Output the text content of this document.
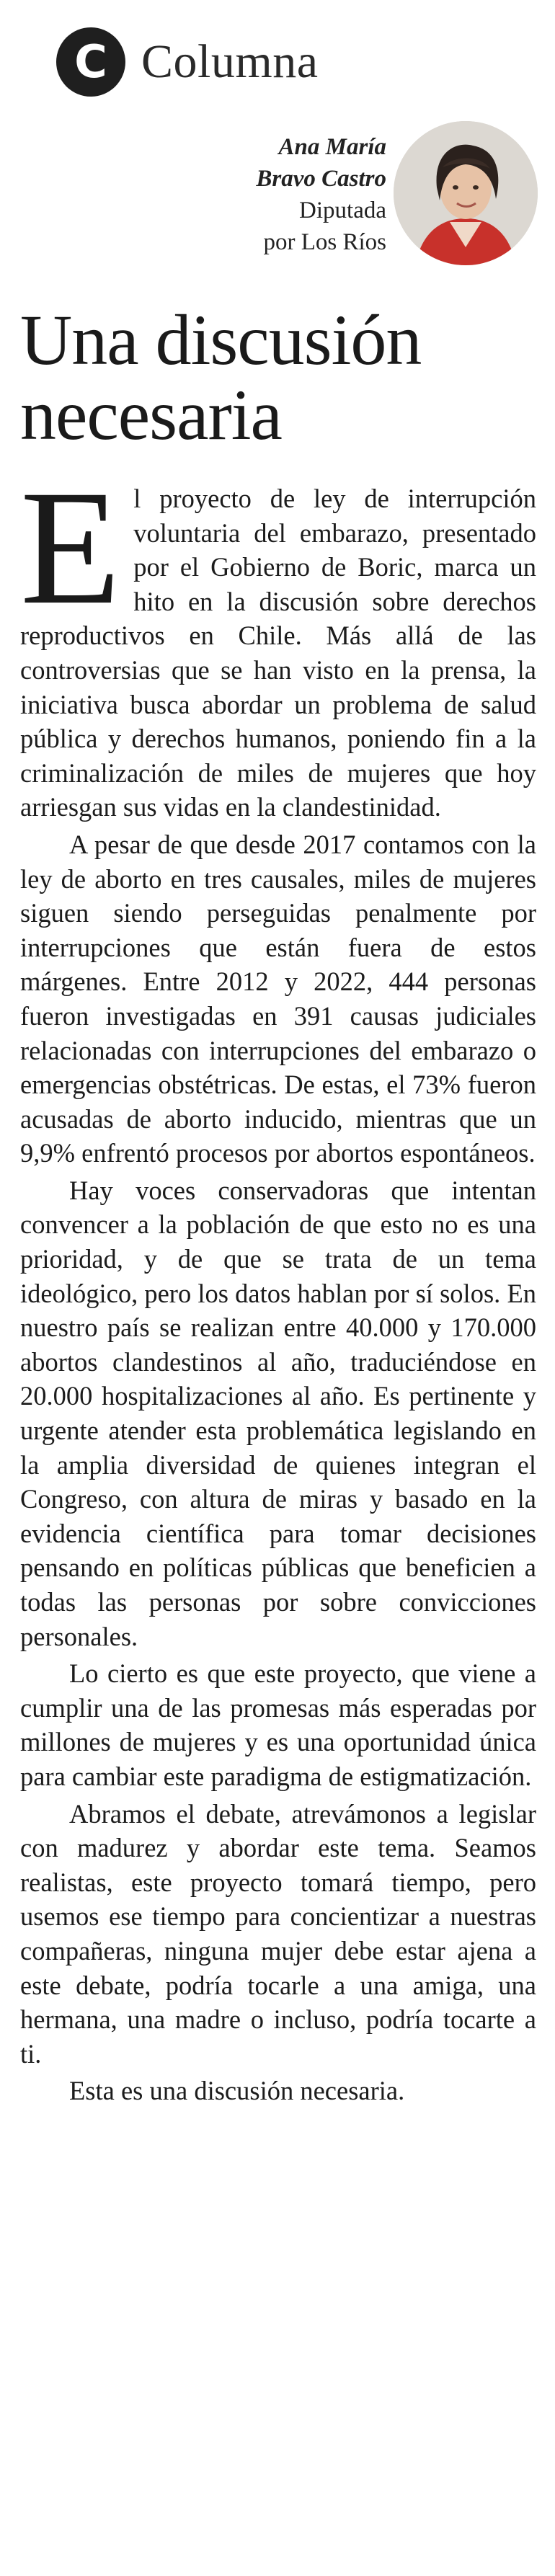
C Columna
Ana María
Bravo Castro
Diputada
por Los Ríos
Una discusión
necesaria

El proyecto de ley de interrupción voluntaria del embarazo, presentado por el Gobierno de Boric, marca un hito en la discusión sobre derechos reproductivos en Chile. Más allá de las controversias que se han visto en la prensa, la iniciativa busca abordar un problema de salud pública y derechos humanos, poniendo fin a la criminalización de miles de mujeres que hoy arriesgan sus vidas en la clandestinidad.

A pesar de que desde 2017 contamos con la ley de aborto en tres causales, miles de mujeres siguen siendo perseguidas penalmente por interrupciones que están fuera de estos márgenes. Entre 2012 y 2022, 444 personas fueron investigadas en 391 causas judiciales relacionadas con interrupciones del embarazo o emergencias obstétricas. De estas, el 73% fueron acusadas de aborto inducido, mientras que un 9,9% enfrentó procesos por abortos espontáneos.

Hay voces conservadoras que intentan convencer a la población de que esto no es una prioridad, y de que se trata de un tema ideológico, pero los datos hablan por sí solos. En nuestro país se realizan entre 40.000 y 170.000 abortos clandestinos al año, traduciéndose en 20.000 hospitalizaciones al año. Es pertinente y urgente atender esta problemática legislando en la amplia diversidad de quienes integran el Congreso, con altura de miras y basado en la evidencia científica para tomar decisiones pensando en políticas públicas que beneficien a todas las personas por sobre convicciones personales.

Lo cierto es que este proyecto, que viene a cumplir una de las promesas más esperadas por millones de mujeres y es una oportunidad única para cambiar este paradigma de estigmatización.

Abramos el debate, atrevámonos a legislar con madurez y abordar este tema. Seamos realistas, este proyecto tomará tiempo, pero usemos ese tiempo para concientizar a nuestras compañeras, ninguna mujer debe estar ajena a este debate, podría tocarle a una amiga, una hermana, una madre o incluso, podría tocarte a ti.

Esta es una discusión necesaria.
